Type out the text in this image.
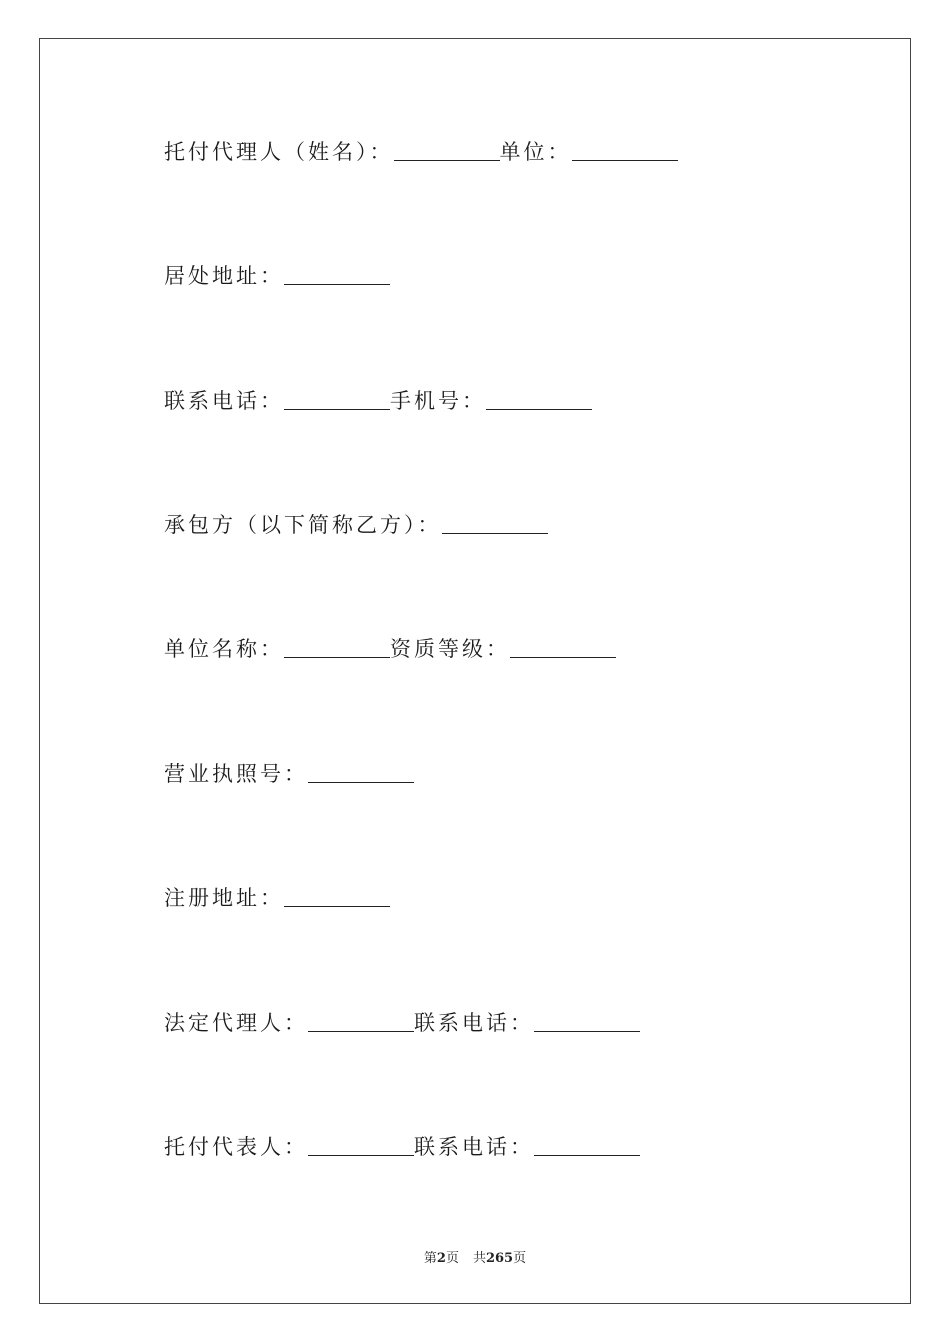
托付代理人（姓名）：	单位：
居处地址：
联系电话：	手机号：
承包方（以下简称乙方）：
单位名称：	资质等级：
营业执照号：
注册地址：
法定代理人：	联系电话：
托付代表人：	联系电话：
第2页 共265页
